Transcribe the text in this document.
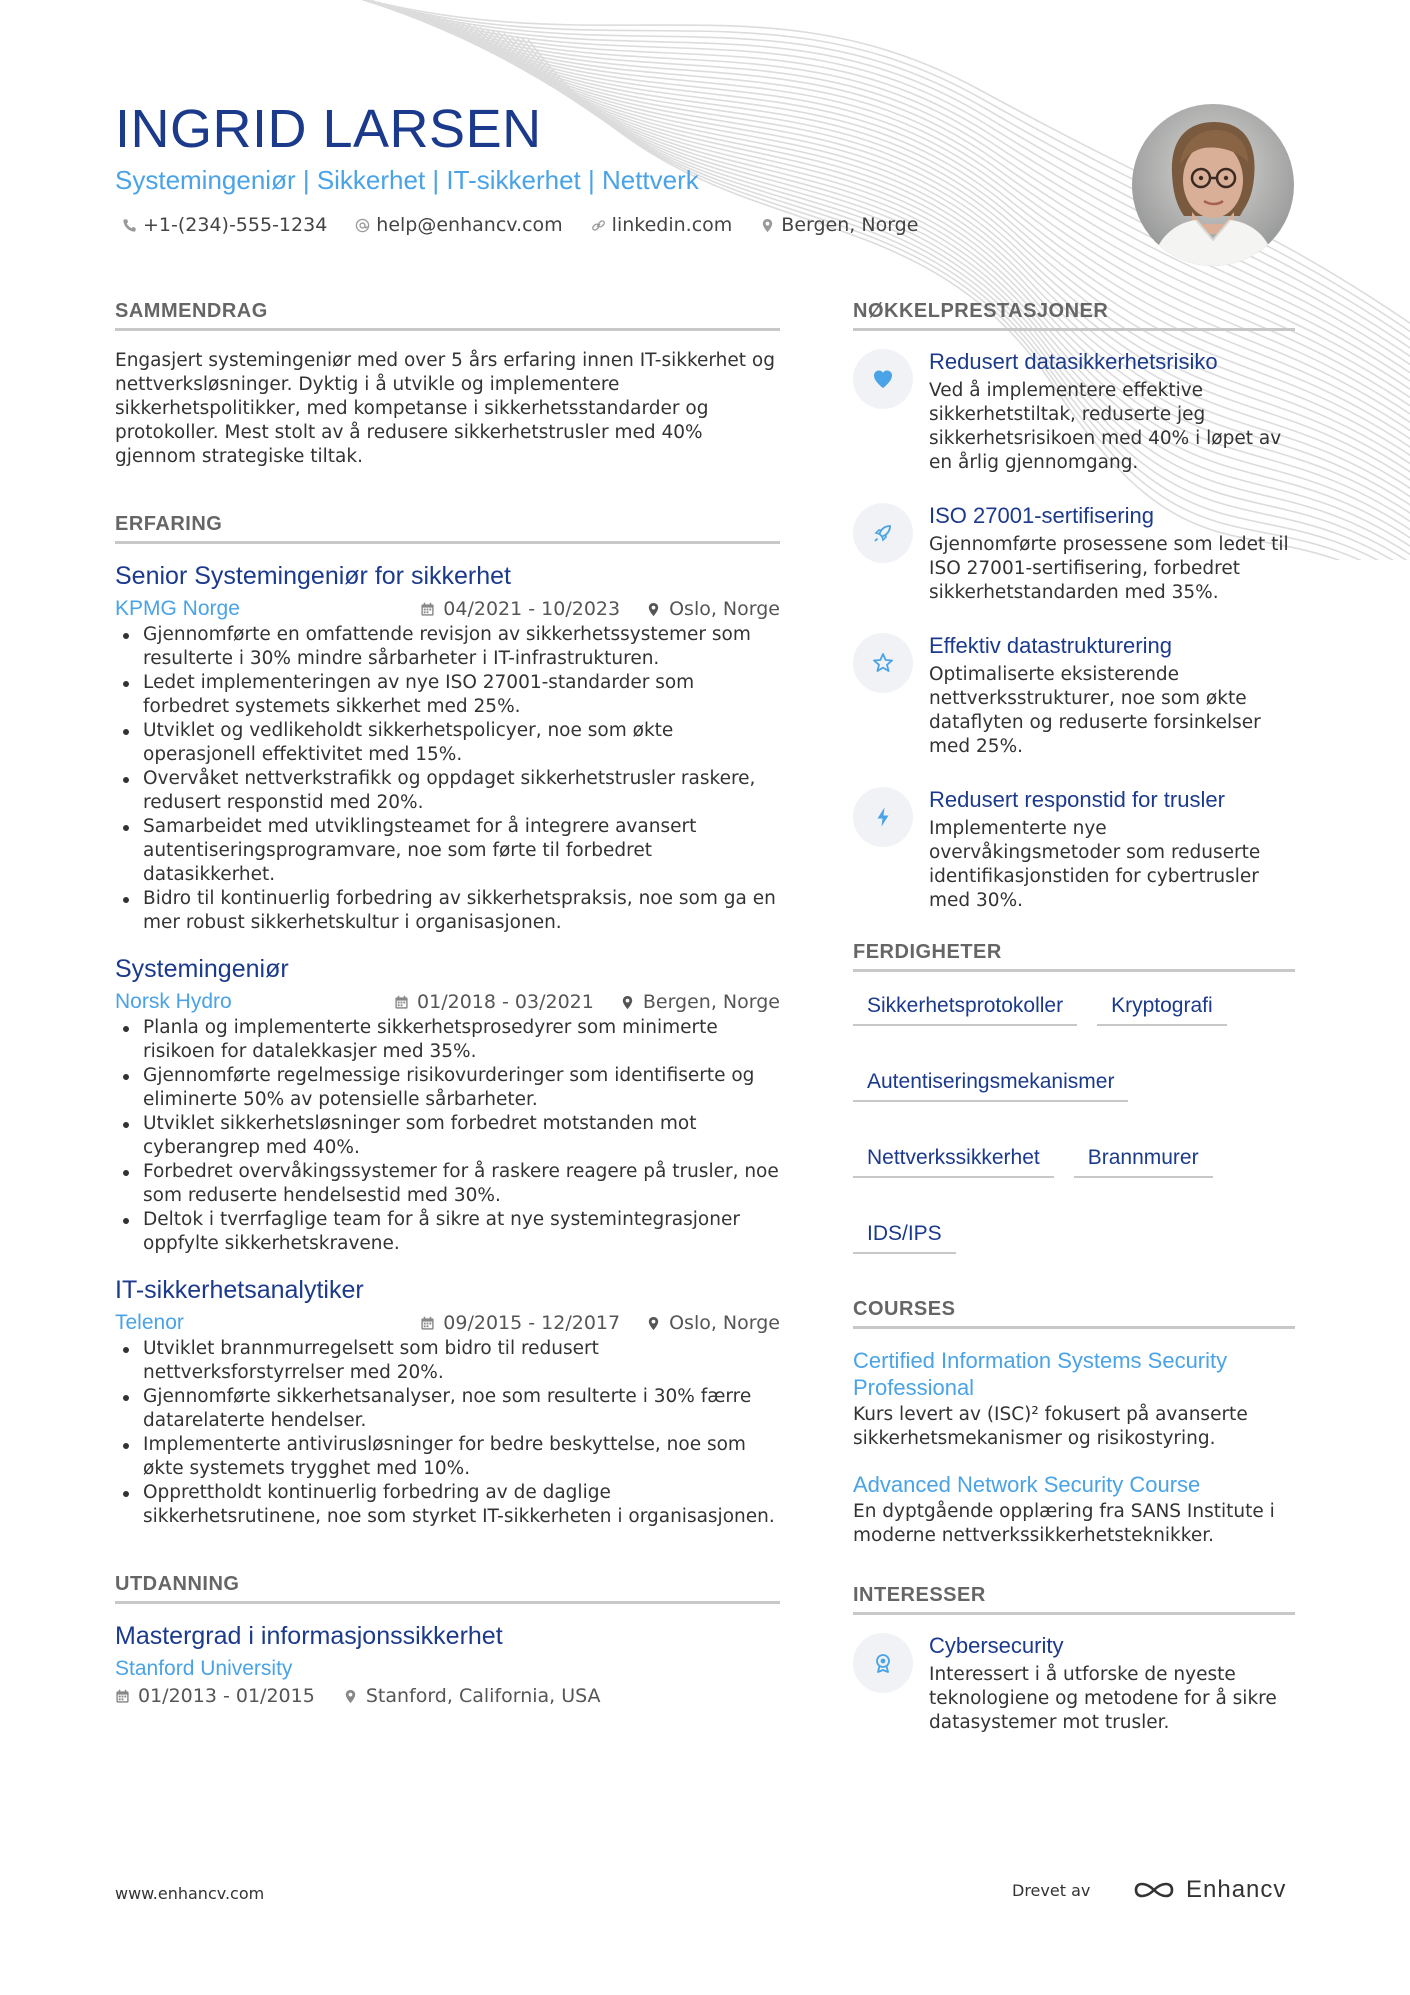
INGRID LARSEN
Systemingeniør | Sikkerhet | IT-sikkerhet | Nettverk
+1-(234)-555-1234	help@enhancv.com	linkedin.com	Bergen, Norge
SAMMENDRAG

Engasjert systemingeniør med over 5 års erfaring innen IT-sikkerhet og nettverksløsninger. Dyktig i å utvikle og implementere sikkerhetspolitikker, med kompetanse i sikkerhetsstandarder og protokoller. Mest stolt av å redusere sikkerhetstrusler med 40% gjennom strategiske tiltak.

ERFARING
Senior Systemingeniør for sikkerhet
KPMG Norge	04/2021 - 10/2023	Oslo, Norge
Gjennomførte en omfattende revisjon av sikkerhetssystemer som resulterte i 30% mindre sårbarheter i IT-infrastrukturen.
Ledet implementeringen av nye ISO 27001-standarder som forbedret systemets sikkerhet med 25%.
Utviklet og vedlikeholdt sikkerhetspolicyer, noe som økte operasjonell effektivitet med 15%.
Overvåket nettverkstrafikk og oppdaget sikkerhetstrusler raskere, redusert responstid med 20%.
Samarbeidet med utviklingsteamet for å integrere avansert autentiseringsprogramvare, noe som førte til forbedret datasikkerhet.
Bidro til kontinuerlig forbedring av sikkerhetspraksis, noe som ga en mer robust sikkerhetskultur i organisasjonen.
Systemingeniør
Norsk Hydro	01/2018 - 03/2021	Bergen, Norge
Planla og implementerte sikkerhetsprosedyrer som minimerte risikoen for datalekkasjer med 35%.
Gjennomførte regelmessige risikovurderinger som identifiserte og eliminerte 50% av potensielle sårbarheter.
Utviklet sikkerhetsløsninger som forbedret motstanden mot cyberangrep med 40%.
Forbedret overvåkingssystemer for å raskere reagere på trusler, noe som reduserte hendelsestid med 30%.
Deltok i tverrfaglige team for å sikre at nye systemintegrasjoner oppfylte sikkerhetskravene.
IT-sikkerhetsanalytiker
Telenor	09/2015 - 12/2017	Oslo, Norge
Utviklet brannmurregelsett som bidro til redusert nettverksforstyrrelser med 20%.
Gjennomførte sikkerhetsanalyser, noe som resulterte i 30% færre datarelaterte hendelser.
Implementerte antivirusløsninger for bedre beskyttelse, noe som økte systemets trygghet med 10%.
Opprettholdt kontinuerlig forbedring av de daglige sikkerhetsrutinene, noe som styrket IT-sikkerheten i organisasjonen.
UTDANNING
Mastergrad i informasjonssikkerhet
Stanford University
01/2013 - 01/2015	Stanford, California, USA
NØKKELPRESTASJONER
Redusert datasikkerhetsrisiko
Ved å implementere effektive sikkerhetstiltak, reduserte jeg sikkerhetsrisikoen med 40% i løpet av en årlig gjennomgang.
ISO 27001-sertifisering
Gjennomførte prosessene som ledet til ISO 27001-sertifisering, forbedret sikkerhetstandarden med 35%.
Effektiv datastrukturering
Optimaliserte eksisterende nettverksstrukturer, noe som økte dataflyten og reduserte forsinkelser med 25%.
Redusert responstid for trusler
Implementerte nye overvåkingsmetoder som reduserte identifikasjonstiden for cybertrusler med 30%.
FERDIGHETER
Sikkerhetsprotokoller	Kryptografi
Autentiseringsmekanismer
Nettverkssikkerhet	Brannmurer
IDS/IPS
COURSES
Certified Information Systems Security Professional
Kurs levert av (ISC)² fokusert på avanserte sikkerhetsmekanismer og risikostyring.
Advanced Network Security Course
En dyptgående opplæring fra SANS Institute i moderne nettverkssikkerhetsteknikker.
INTERESSER
Cybersecurity
Interessert i å utforske de nyeste teknologiene og metodene for å sikre datasystemer mot trusler.
www.enhancv.com	Drevet av	Enhancv
